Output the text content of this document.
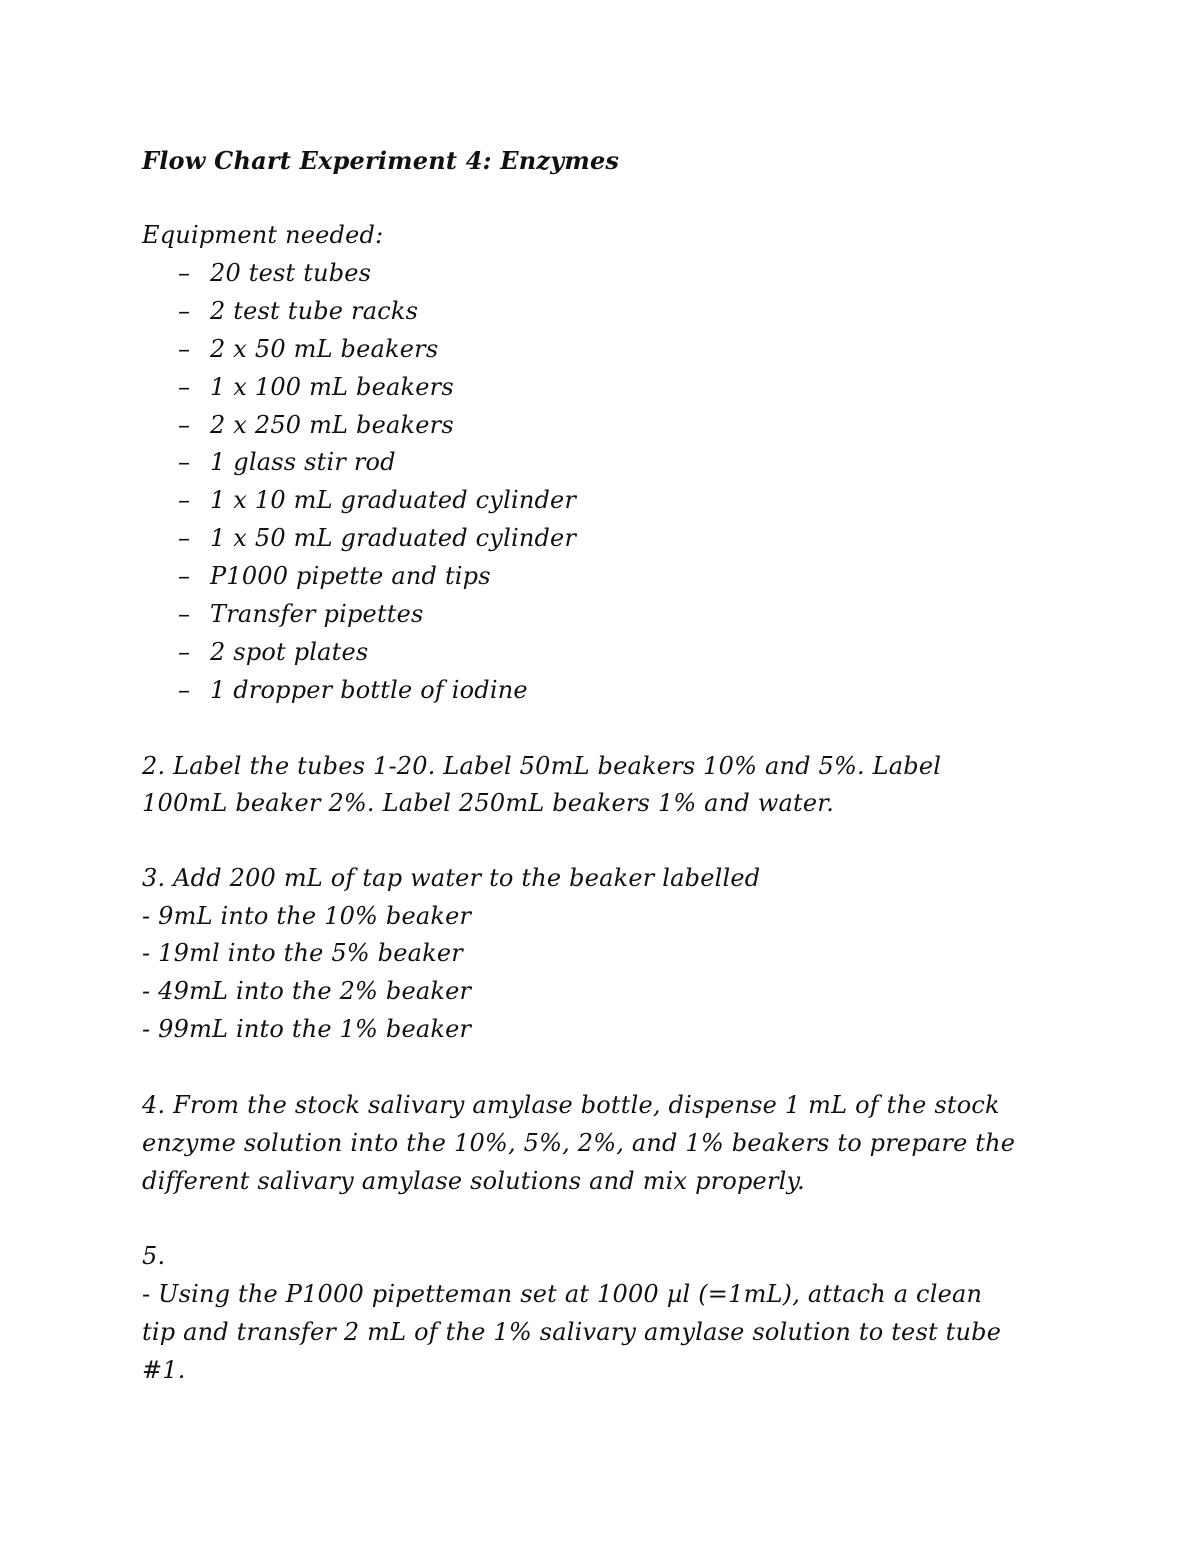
Flow Chart Experiment 4: Enzymes
Equipment needed:
– 20 test tubes
– 2 test tube racks
– 2 x 50 mL beakers
– 1 x 100 mL beakers
– 2 x 250 mL beakers
– 1 glass stir rod
– 1 x 10 mL graduated cylinder
– 1 x 50 mL graduated cylinder
– P1000 pipette and tips
– Transfer pipettes
– 2 spot plates
– 1 dropper bottle of iodine
2. Label the tubes 1-20. Label 50mL beakers 10% and 5%. Label
100mL beaker 2%. Label 250mL beakers 1% and water.
3. Add 200 mL of tap water to the beaker labelled
- 9mL into the 10% beaker
- 19ml into the 5% beaker
- 49mL into the 2% beaker
- 99mL into the 1% beaker
4. From the stock salivary amylase bottle, dispense 1 mL of the stock
enzyme solution into the 10%, 5%, 2%, and 1% beakers to prepare the
different salivary amylase solutions and mix properly.
5.
- Using the P1000 pipetteman set at 1000 µl (=1mL), attach a clean
tip and transfer 2 mL of the 1% salivary amylase solution to test tube
#1.
